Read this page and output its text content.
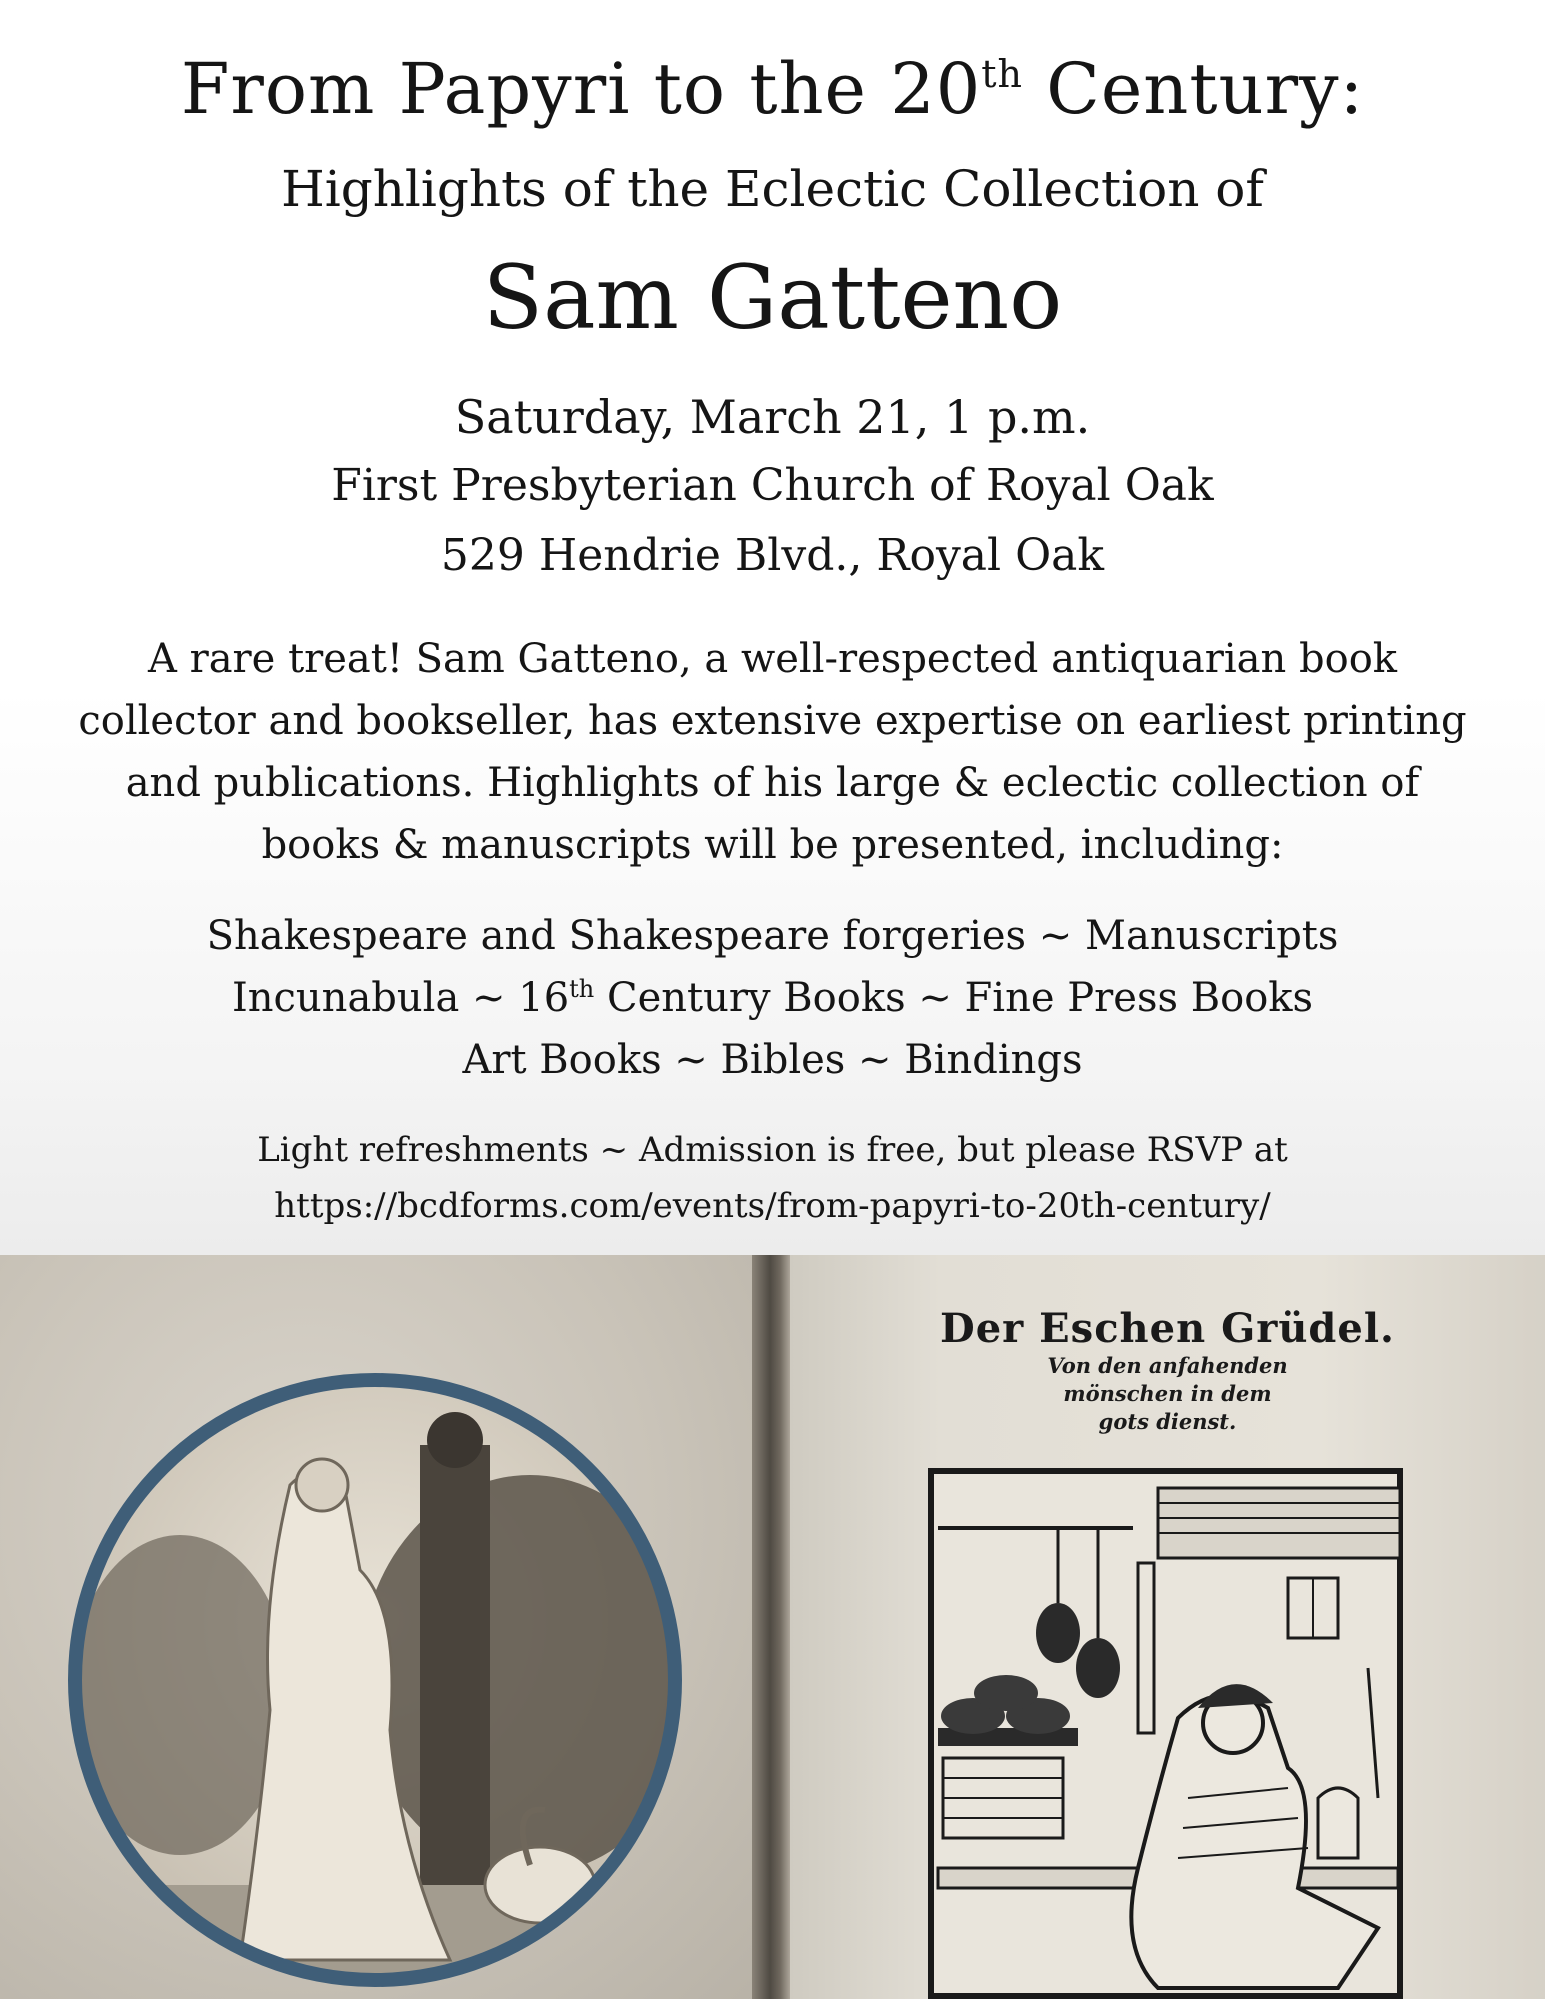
From Papyri to the 20th Century:
Highlights of the Eclectic Collection of
Sam Gatteno
Saturday, March 21, 1 p.m.
First Presbyterian Church of Royal Oak
529 Hendrie Blvd., Royal Oak
A rare treat! Sam Gatteno, a well-respected antiquarian book collector and bookseller, has extensive expertise on earliest printing and publications. Highlights of his large & eclectic collection of books & manuscripts will be presented, including:
Shakespeare and Shakespeare forgeries ~ Manuscripts
Incunabula ~ 16th Century Books ~ Fine Press Books
Art Books ~ Bibles ~ Bindings
Light refreshments ~ Admission is free, but please RSVP at
https://bcdforms.com/events/from-papyri-to-20th-century/
Der Eschen Grüdel.
Von den anfahenden
mönschen in dem
gots dienst.
